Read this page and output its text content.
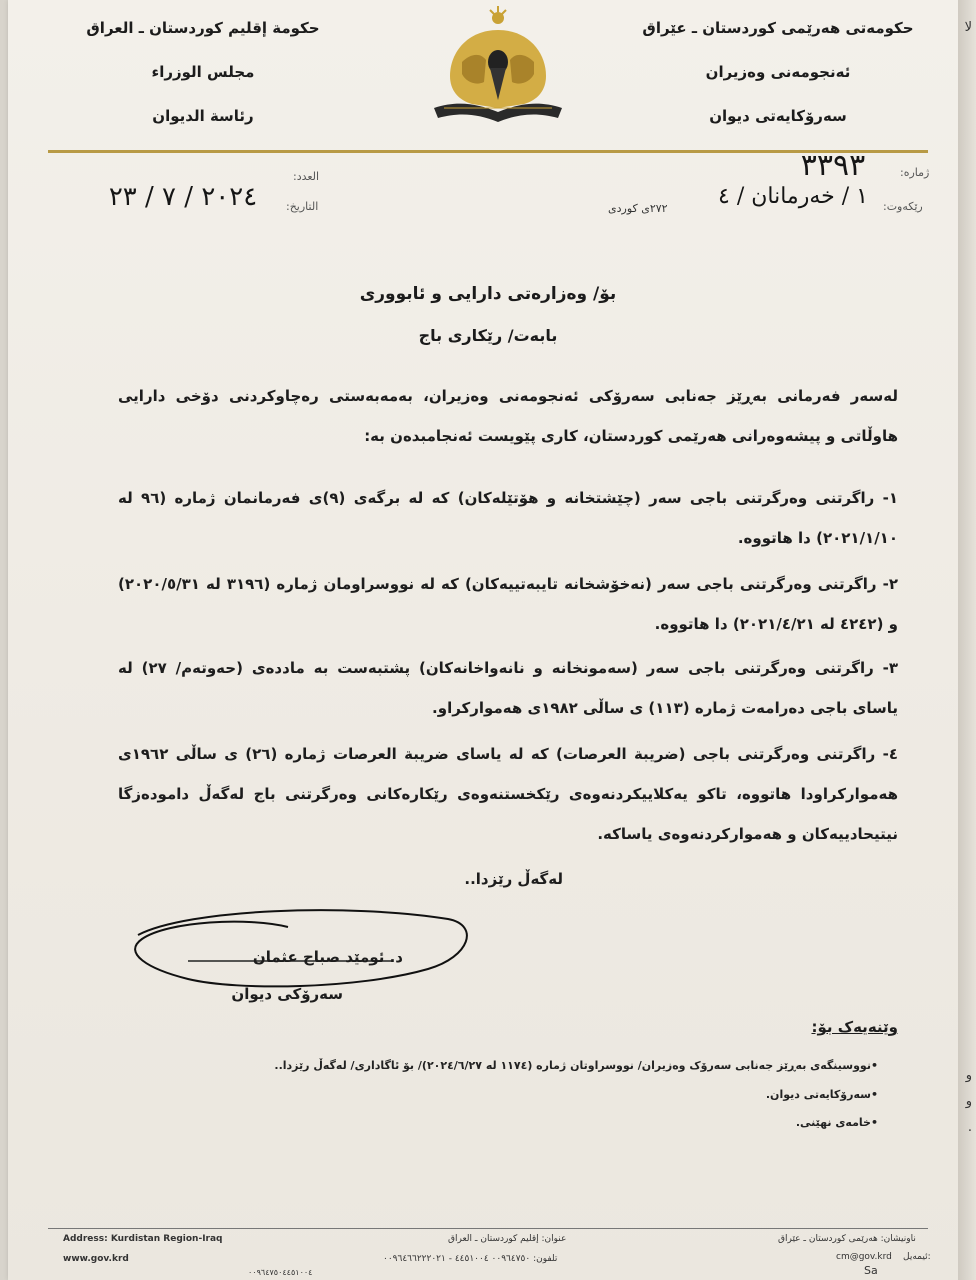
حكومة إقليم كوردستان ـ العراق
مجلس الوزراء
رئاسة الديوان
حکومەتی هەرێمی کوردستان ـ عێراق
ئەنجومەنی وەزیران
سەرۆکایەتی دیوان
العدد:
التاريخ:
٢٠٢٤ / ٧ / ٢٣
ژمارە:
٣٣٩٣
رێکەوت:
١ / خەرمانان / ٤
٢٧٢ی کوردی
بۆ/ وەزارەتی دارایی و ئابووری
بابەت/ رێکاری باج
لەسەر فەرمانی بەڕێز جەنابی سەرۆکی ئەنجومەنی وەزیران، بەمەبەستی رەچاوکردنی دۆخی دارایی هاوڵاتی و پیشەوەرانی هەرێمی کوردستان، کاری پێویست ئەنجامبدەن بە:
١- راگرتنی وەرگرتنی باجی سەر (چێشتخانە و هۆتێلەکان) کە لە برگەی (٩)ی فەرمانمان ژمارە (٩٦ لە ٢٠٢١/١/١٠) دا هاتووە.
٢- راگرتنی وەرگرتنی باجی سەر (نەخۆشخانە تایبەتییەکان) کە لە نووسراومان ژمارە (٣١٩٦ لە ٢٠٢٠/٥/٣١) و (٤٢٤٢ لە ٢٠٢١/٤/٢١) دا هاتووە.
٣- راگرتنی وەرگرتنی باجی سەر (سەمونخانە و نانەواخانەکان) پشتبەست بە ماددەی (حەوتەم/ ٢٧) لە یاسای باجی دەرامەت ژمارە (١١٣) ی ساڵی ١٩٨٢ی هەموارکراو.
٤- راگرتنی وەرگرتنی باجی (ضريبة العرصات) کە لە یاسای ضريبة العرصات ژمارە (٢٦) ی ساڵی ١٩٦٢ی هەموارکراودا هاتووە، تاکو یەکلاییکردنەوەی رێکخستنەوەی رێکارەکانی وەرگرتنی باج لەگەڵ دامودەزگا نیتیحادییەکان و هەموارکردنەوەی یاساکە.
لەگەڵ رێزدا..
د. ئومێد صباح عثمان
سەرۆکی دیوان
وێنەیەک بۆ:
•نووسینگەی بەڕێز جەنابی سەرۆک وەزیران/ نووسراوتان ژمارە (١١٧٤ لە ٢٠٢٤/٦/٢٧)/ بۆ ئاگاداری/ لەگەڵ رێزدا..
•سەرۆکایەتی دیوان.
•خامەی نهێنی.
Address: Kurdistan Region-Iraq
www.gov.krd
عنوان: إقليم كوردستان ـ العراق
تلفون: ٠٠٩٦٤٧٥٠ ٤٤٥١٠٠٤ - ٠٠٩٦٤٦٦٢٢٢٠٢١
٠٠٩٦٤٧٥٠٤٤٥١٠٠٤
ناونیشان: هەرێمی کوردستان ـ عێراق
ئیمەیل:
cm@gov.krd
Sa
لا
و
و
.
